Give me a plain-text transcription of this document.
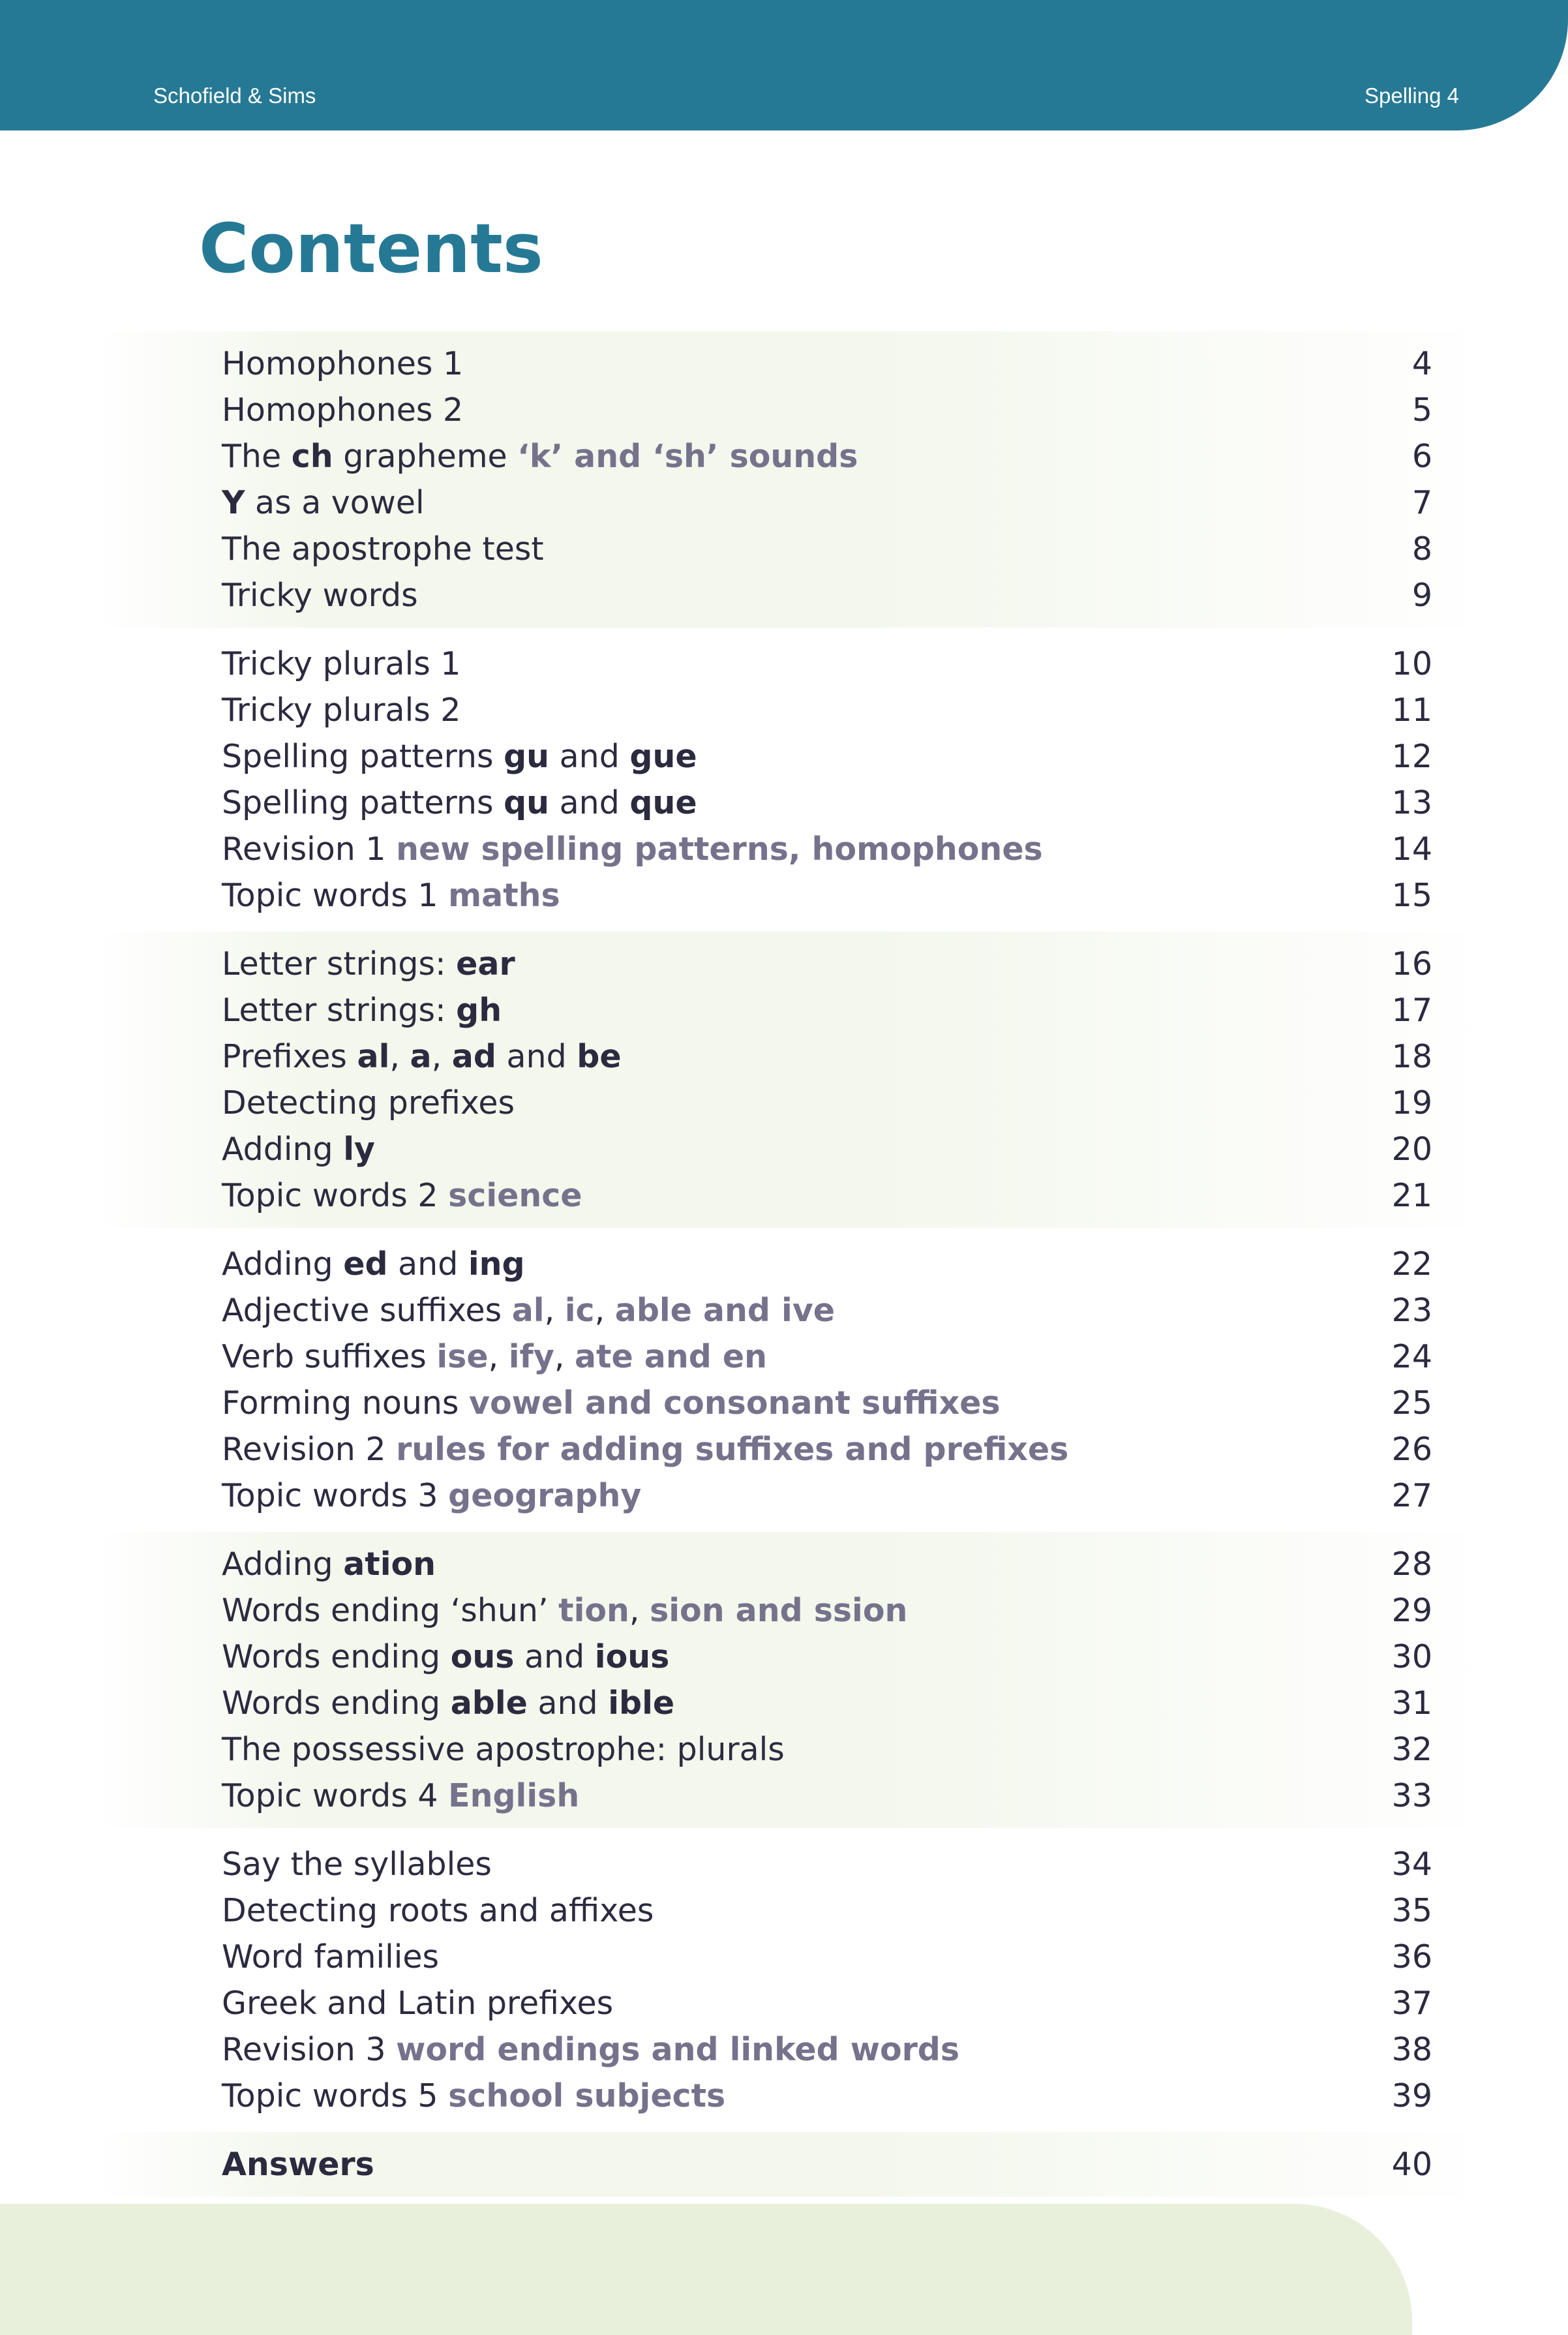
Schofield & Sims	Spelling 4
Contents
Homophones 1	4
Homophones 2	5
The ch grapheme ‘k’ and ‘sh’ sounds	6
Y as a vowel	7
The apostrophe test	8
Tricky words	9
Tricky plurals 1	10
Tricky plurals 2	11
Spelling patterns gu and gue	12
Spelling patterns qu and que	13
Revision 1 new spelling patterns, homophones	14
Topic words 1 maths	15
Letter strings: ear	16
Letter strings: gh	17
Prefixes al, a, ad and be	18
Detecting prefixes	19
Adding ly	20
Topic words 2 science	21
Adding ed and ing	22
Adjective suffixes al, ic, able and ive	23
Verb suffixes ise, ify, ate and en	24
Forming nouns vowel and consonant suffixes	25
Revision 2 rules for adding suffixes and prefixes	26
Topic words 3 geography	27
Adding ation	28
Words ending ‘shun’ tion, sion and ssion	29
Words ending ous and ious	30
Words ending able and ible	31
The possessive apostrophe: plurals	32
Topic words 4 English	33
Say the syllables	34
Detecting roots and affixes	35
Word families	36
Greek and Latin prefixes	37
Revision 3 word endings and linked words	38
Topic words 5 school subjects	39
Answers	40
